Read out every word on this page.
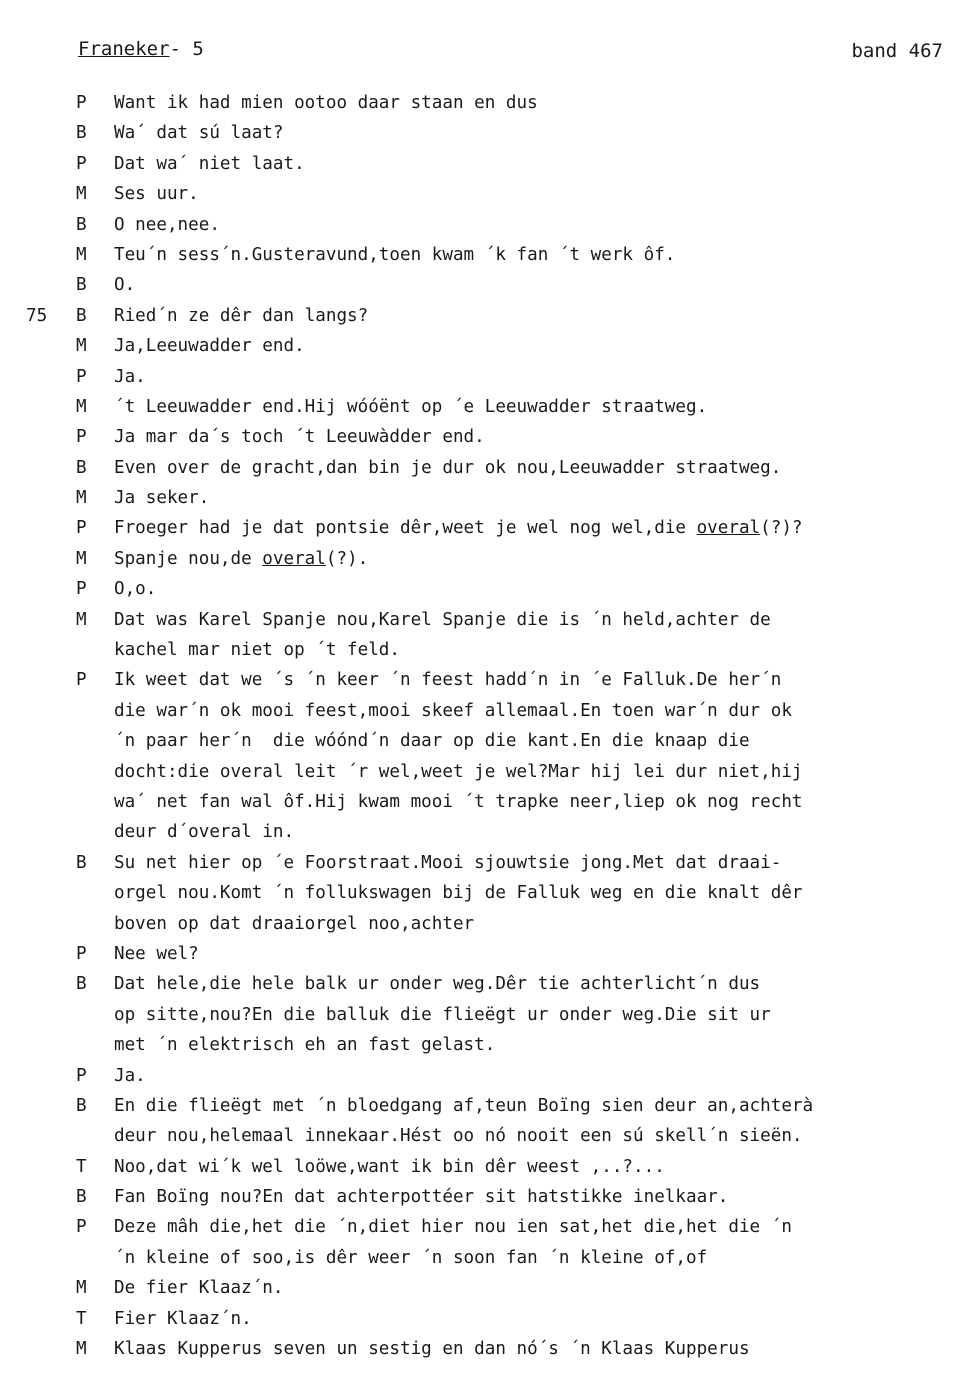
Franeker- 5	band 467
P Want ik had mien ootoo daar staan en dus
B Wa´ dat sú laat?
P Dat wa´ niet laat.
M Ses uur.
B O nee,nee.
M Teu´n sess´n.Gusteravund,toen kwam ´k fan ´t werk ôf.
B O.
75 B Ried´n ze dêr dan langs?
M Ja,Leeuwadder end.
P Ja.
M ´t Leeuwadder end.Hij wóóënt op ´e Leeuwadder straatweg.
P Ja mar da´s toch ´t Leeuwàdder end.
B Even over de gracht,dan bin je dur ok nou,Leeuwadder straatweg.
M Ja seker.
P Froeger had je dat pontsie dêr,weet je wel nog wel,die overal(?)?
M Spanje nou,de overal(?).
P O,o.
M Dat was Karel Spanje nou,Karel Spanje die is ´n held,achter de
kachel mar niet op ´t feld.
P Ik weet dat we ´s ´n keer ´n feest hadd´n in ´e Falluk.De her´n
die war´n ok mooi feest,mooi skeef allemaal.En toen war´n dur ok
´n paar her´n  die wóónd´n daar op die kant.En die knaap die
docht:die overal leit ´r wel,weet je wel?Mar hij lei dur niet,hij
wa´ net fan wal ôf.Hij kwam mooi ´t trapke neer,liep ok nog recht
deur d´overal in.
B Su net hier op ´e Foorstraat.Mooi sjouwtsie jong.Met dat draai-
orgel nou.Komt ´n follukswagen bij de Falluk weg en die knalt dêr
boven op dat draaiorgel noo,achter
P Nee wel?
B Dat hele,die hele balk ur onder weg.Dêr tie achterlicht´n dus
op sitte,nou?En die balluk die flieëgt ur onder weg.Die sit ur
met ´n elektrisch eh an fast gelast.
P Ja.
B En die flieëgt met ´n bloedgang af,teun Boïng sien deur an,achterà
deur nou,helemaal innekaar.Hést oo nó nooit een sú skell´n sieën.
T Noo,dat wi´k wel loöwe,want ik bin dêr weest ,..?...
B Fan Boïng nou?En dat achterpottéer sit hatstikke inelkaar.
P Deze mâh die,het die ´n,diet hier nou ien sat,het die,het die ´n
´n kleine of soo,is dêr weer ´n soon fan ´n kleine of,of
M De fier Klaaz´n.
T Fier Klaaz´n.
M Klaas Kupperus seven un sestig en dan nó´s ´n Klaas Kupperus
